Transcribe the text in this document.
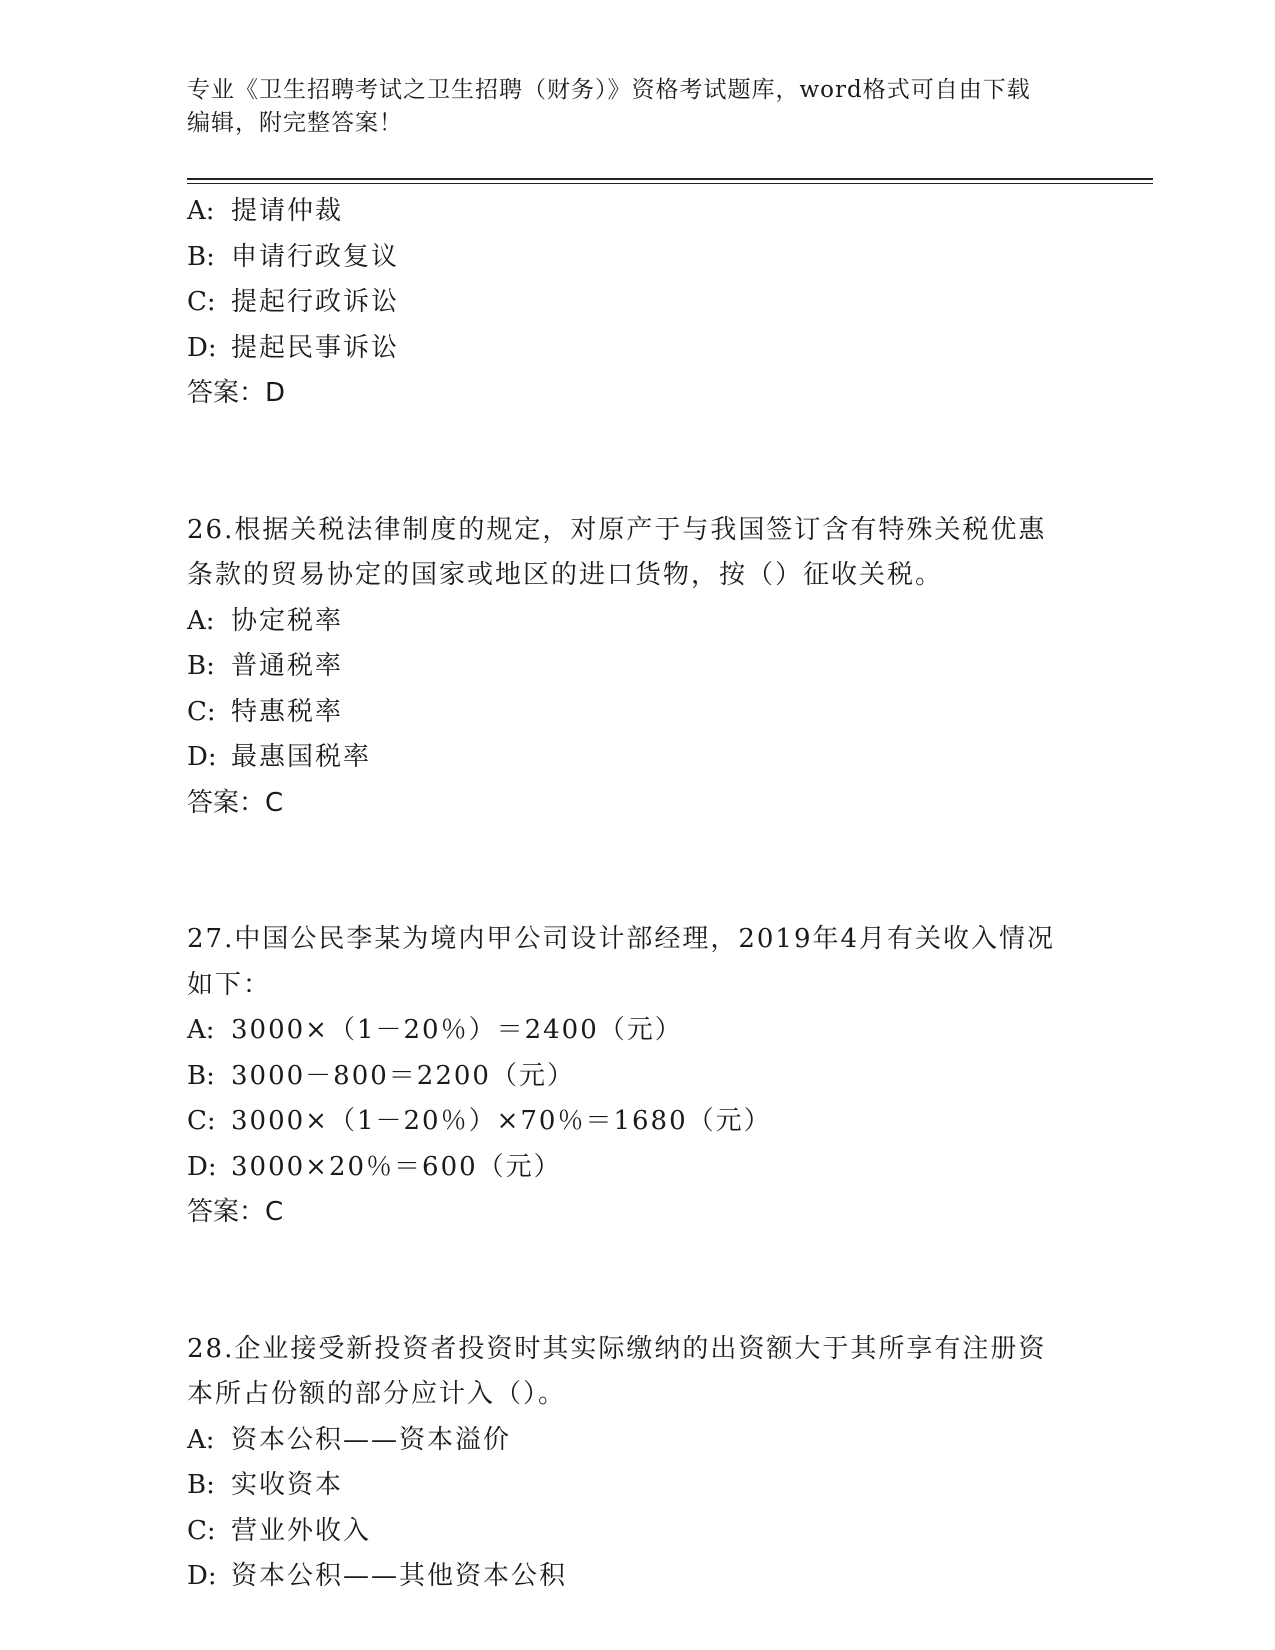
专业《卫生招聘考试之卫生招聘（财务）》资格考试题库，word格式可自由下载
编辑，附完整答案！
A: 提请仲裁
B: 申请行政复议
C: 提起行政诉讼
D: 提起民事诉讼
答案：D
26.根据关税法律制度的规定，对原产于与我国签订含有特殊关税优惠
条款的贸易协定的国家或地区的进口货物，按（）征收关税。
A: 协定税率
B: 普通税率
C: 特惠税率
D: 最惠国税率
答案：C
27.中国公民李某为境内甲公司设计部经理，2019年4月有关收入情况
如下：
A: 3000×（1－20％）＝2400（元）
B: 3000－800＝2200（元）
C: 3000×（1－20％）×70％＝1680（元）
D: 3000×20％＝600（元）
答案：C
28.企业接受新投资者投资时其实际缴纳的出资额大于其所享有注册资
本所占份额的部分应计入（）。
A: 资本公积——资本溢价
B: 实收资本
C: 营业外收入
D: 资本公积——其他资本公积
